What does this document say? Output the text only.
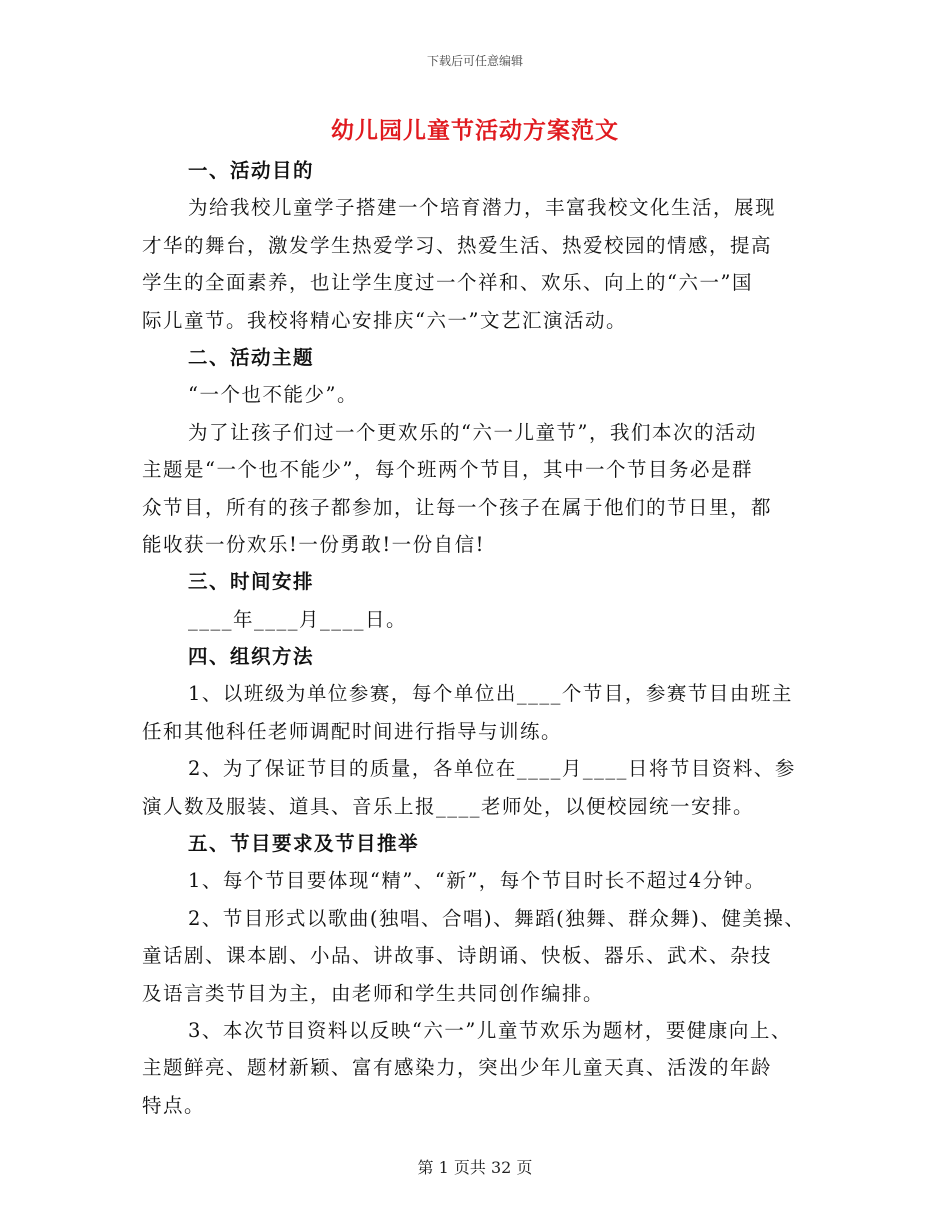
下载后可任意编辑
幼儿园儿童节活动方案范文
一、活动目的
为给我校儿童学子搭建一个培育潜力，丰富我校文化生活，展现
才华的舞台，激发学生热爱学习、热爱生活、热爱校园的情感，提高
学生的全面素养，也让学生度过一个祥和、欢乐、向上的“六一”国
际儿童节。我校将精心安排庆“六一”文艺汇演活动。
二、活动主题
“一个也不能少”。
为了让孩子们过一个更欢乐的“六一儿童节”，我们本次的活动
主题是“一个也不能少”，每个班两个节目，其中一个节目务必是群
众节目，所有的孩子都参加，让每一个孩子在属于他们的节日里，都
能收获一份欢乐!一份勇敢!一份自信!
三、时间安排
____年____月____日。
四、组织方法
1、以班级为单位参赛，每个单位出____个节目，参赛节目由班主
任和其他科任老师调配时间进行指导与训练。
2、为了保证节目的质量，各单位在____月____日将节目资料、参
演人数及服装、道具、音乐上报____老师处，以便校园统一安排。
五、节目要求及节目推举
1、每个节目要体现“精”、“新”，每个节目时长不超过4分钟。
2、节目形式以歌曲(独唱、合唱)、舞蹈(独舞、群众舞)、健美操、
童话剧、课本剧、小品、讲故事、诗朗诵、快板、器乐、武术、杂技
及语言类节目为主，由老师和学生共同创作编排。
3、本次节目资料以反映“六一”儿童节欢乐为题材，要健康向上、
主题鲜亮、题材新颖、富有感染力，突出少年儿童天真、活泼的年龄
特点。
第 1 页共 32 页
